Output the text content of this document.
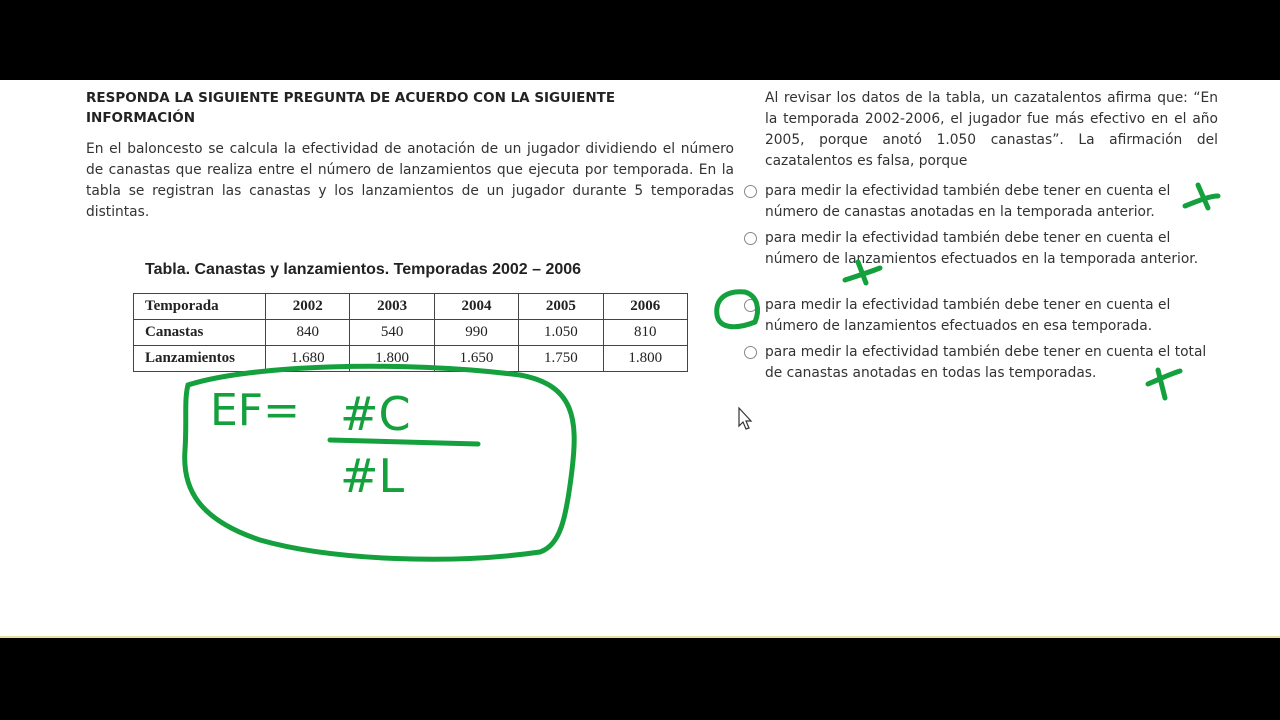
RESPONDA LA SIGUIENTE PREGUNTA DE ACUERDO CON LA SIGUIENTE INFORMACIÓN
En el baloncesto se calcula la efectividad de anotación de un jugador dividiendo el número de canastas que realiza entre el número de lanzamientos que ejecuta por temporada. En la tabla se registran las canastas y los lanzamientos de un jugador durante 5 temporadas distintas.
Tabla. Canastas y lanzamientos. Temporadas 2002 – 2006
Temporada	2002	2003	2004	2005	2006
Canastas	840	540	990	1.050	810
Lanzamientos	1.680	1.800	1.650	1.750	1.800
Al revisar los datos de la tabla, un cazatalentos afirma que: “En la temporada 2002-2006, el jugador fue más efectivo en el año 2005, porque anotó 1.050 canastas”. La afirmación del cazatalentos es falsa, porque
para medir la efectividad también debe tener en cuenta el número de canastas anotadas en la temporada anterior.
para medir la efectividad también debe tener en cuenta el número de lanzamientos efectuados en la temporada anterior.
para medir la efectividad también debe tener en cuenta el número de lanzamientos efectuados en esa temporada.
para medir la efectividad también debe tener en cuenta el total de canastas anotadas en todas las temporadas.
EF= #C
#L
